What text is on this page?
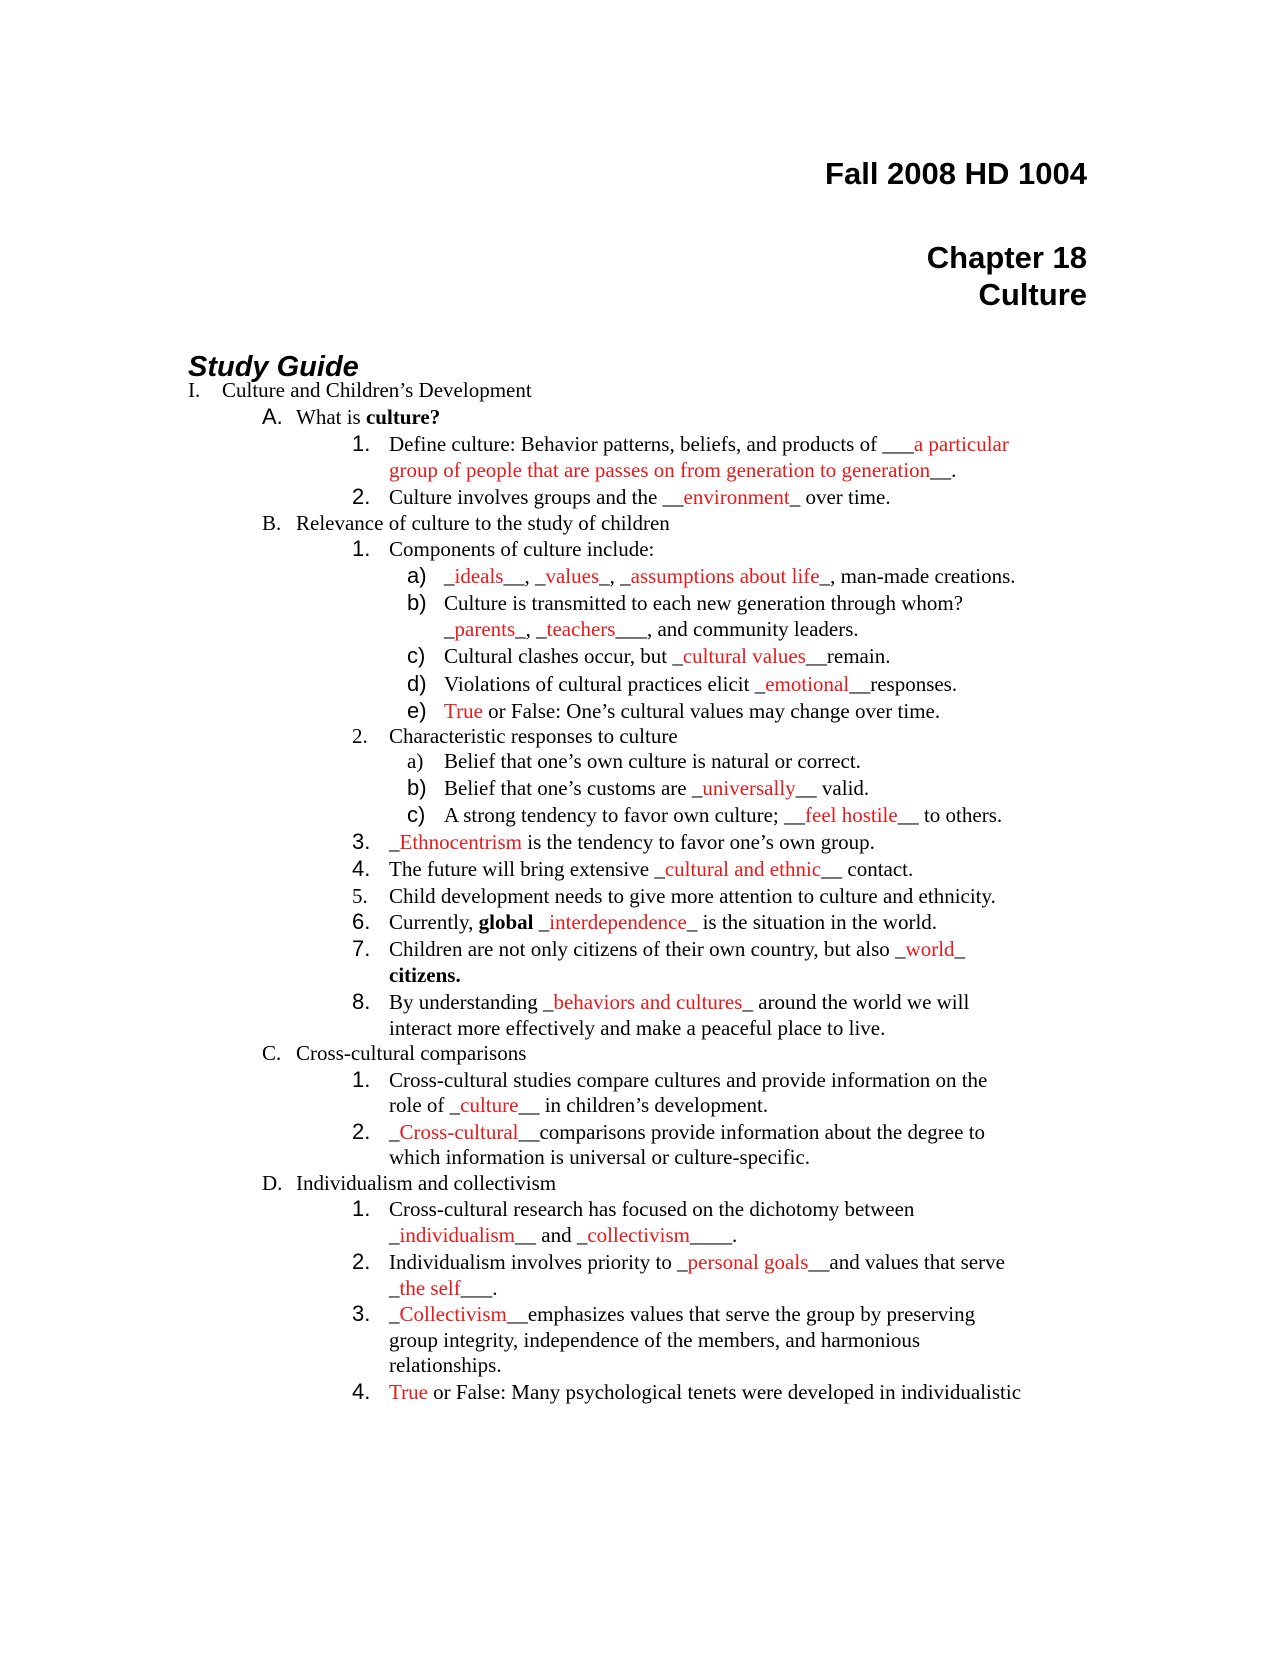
Fall 2008 HD 1004
Chapter 18
Culture
Study Guide
I. Culture and Children’s Development
A. What is culture?
1. Define culture: Behavior patterns, beliefs, and products of ___a particular
group of people that are passes on from generation to generation__.
2. Culture involves groups and the __environment_ over time.
B. Relevance of culture to the study of children
1. Components of culture include:
a) _ideals__, _values_, _assumptions about life_, man-made creations.
b) Culture is transmitted to each new generation through whom?
_parents_, _teachers___, and community leaders.
c) Cultural clashes occur, but _cultural values__remain.
d) Violations of cultural practices elicit _emotional__responses.
e) True or False: One’s cultural values may change over time.
2. Characteristic responses to culture
a) Belief that one’s own culture is natural or correct.
b) Belief that one’s customs are _universally__ valid.
c) A strong tendency to favor own culture; __feel hostile__ to others.
3. _Ethnocentrism is the tendency to favor one’s own group.
4. The future will bring extensive _cultural and ethnic__ contact.
5. Child development needs to give more attention to culture and ethnicity.
6. Currently, global _interdependence_ is the situation in the world.
7. Children are not only citizens of their own country, but also _world_
citizens.
8. By understanding _behaviors and cultures_ around the world we will
interact more effectively and make a peaceful place to live.
C. Cross-cultural comparisons
1. Cross-cultural studies compare cultures and provide information on the
role of _culture__ in children’s development.
2. _Cross-cultural__comparisons provide information about the degree to
which information is universal or culture-specific.
D. Individualism and collectivism
1. Cross-cultural research has focused on the dichotomy between
_individualism__ and _collectivism____.
2. Individualism involves priority to _personal goals__and values that serve
_the self___.
3. _Collectivism__emphasizes values that serve the group by preserving
group integrity, independence of the members, and harmonious
relationships.
4. True or False: Many psychological tenets were developed in individualistic
